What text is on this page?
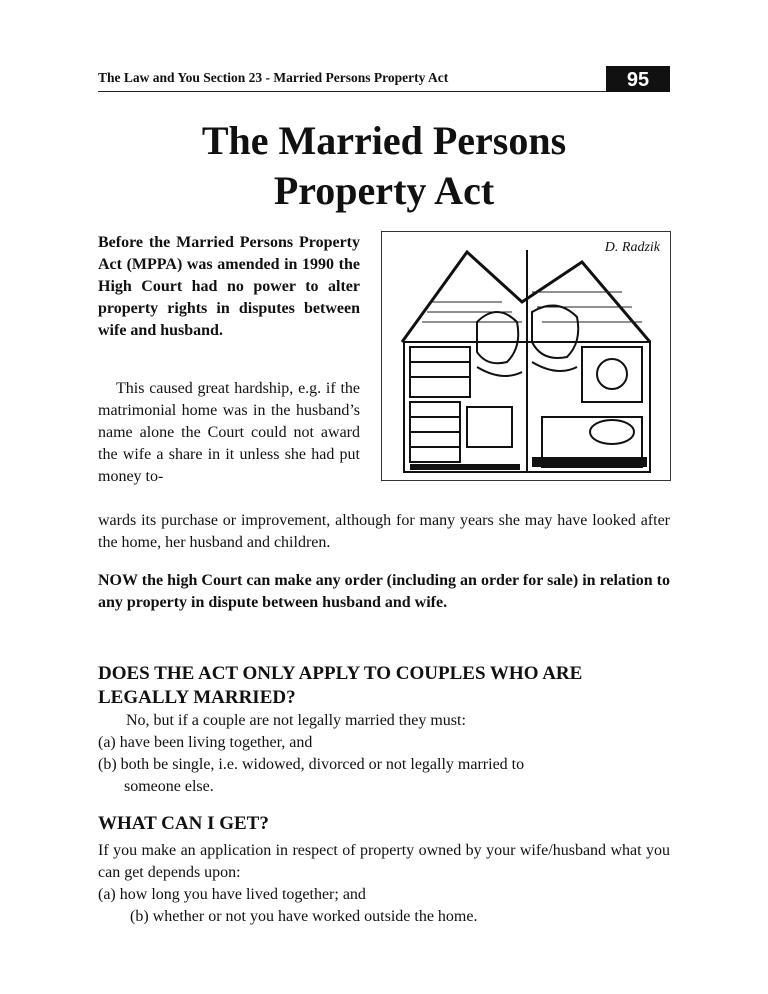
The Law and You Section 23 - Married Persons Property Act	95
The Married Persons
Property Act
Before the Married Persons Property Act (MPPA) was amended in 1990 the High Court had no power to alter property rights in disputes between wife and husband.
D. Radzik
This caused great hardship, e.g. if the matrimonial home was in the husband’s name alone the Court could not award the wife a share in it unless she had put money to-
wards its purchase or improvement, although for many years she may have looked after the home, her husband and children.
NOW the high Court can make any order (including an order for sale) in relation to any property in dispute between husband and wife.
DOES THE ACT ONLY APPLY TO COUPLES WHO ARE
LEGALLY MARRIED?
No, but if a couple are not legally married they must:
(a) have been living together, and
(b) both be single, i.e. widowed, divorced or not legally married to
someone else.
WHAT CAN I GET?
If you make an application in respect of property owned by your wife/husband what you can get depends upon:
(a) how long you have lived together; and
(b) whether or not you have worked outside the home.
